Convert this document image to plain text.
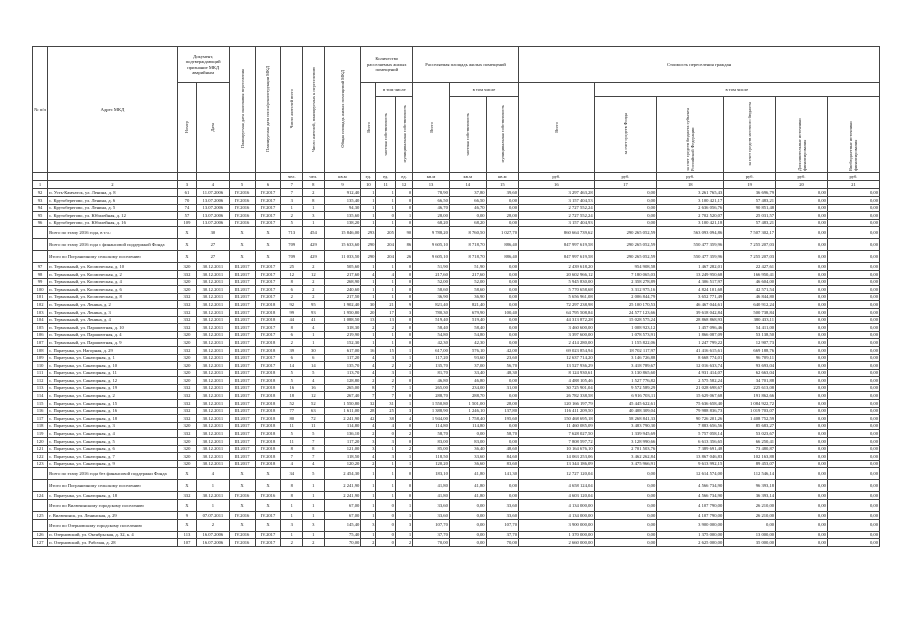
№ п/п	Адрес МКД	Документ, подтверждающий признание МКД аварийным		Планируемая дата окончания переселения	Планируемая дата сноса/реконструкции МКД	Число жителей всего	Число жителей, планируемых к переселению	Общая площадь жилых помещений МКД	Количество расселяемых жилых помещений			Расселяемая площадь жилых помещений			Стоимость переселения граждан					
		Номер	Дата						Всего	в том числе		Всего	в том числе		Всего	в том числе				
										частная собственность	муниципальная собственность		частная собственность	муниципальная собственность		за счет средств Фонда	за счет средств бюджета субъекта Российской Федерации	за счет средств местного бюджета	Дополнительные источники финансирования	Внебюджетные источники финансирования
						чел.	чел.	кв.м	ед.	ед.	ед.	кв.м	кв.м	кв.м	руб.	руб.	руб.	руб.	руб.	руб.
1	2	3	4	5	6	7	8	9	10	11	12	13	14	15	16	17	18	19	20	21
92	п. Усть-Камчатск, ул. Ленина, д. 8	61	11.07.2006	IV.2016	IV.2017	7	2	912,40	1	1	0	78,90	37,80	39,60	3 297 463,28	0,00	3 261 765,43	36 696,79	0,00	0,00
93	с. Крутобереговo, ул. Ленина, д. 6	70	13.07.2006	IV.2016	IV.2017	3	8	135,40	1	1	0	66,50	66,50	0,00	3 157 404,53	0,00	3 100 421,17	57 483,21	0,00	0,00
94	с. Крутобереговo, ул. Ленина, д. 5	74	13.07.2006	IV.2016	IV.2017	1	1	94,30	1	1	0	46,70	46,70	0,00	2 727 552,24	0,00	2 636 056,76	90 851,48	0,00	0,00
95	с. Крутобереговo, ул. Юбилейная, д. 12	57	13.07.2006	IV.2016	IV.2017	2	3	135,60	1	0	1	28,00	0,00	28,00	2 727 552,24	0,00	2 702 520,07	25 031,57	0,00	0,00
96	с. Крутобереговo, ул. Юбилейная, д. 16	109	13.07.2006	IV.2016	IV.2017	5	1	138,20	1	1	0	68,20	68,20	0,00	3 157 404,93	0,00	3 100 421,18	57 483,21	0,00	0,00
	Всего по этапу 2016 года, в т.ч.:	X	30	X	X	713	454	15 846,00	293	205	90	9 788,20	8 760,50	1 027,70	860 664 739,62	290 265 052,59	563 093 094,86	7 507 302,17	0,00	0,00
	Всего по этапу 2016 года с финансовой поддержкой Фонда	X	27	X	X	709	429	15 633,60	290	204	86	9 605,10	8 718,70	886,40	847 997 619,58	290 265 052,59	550 477 359,96	7 255 207,03	0,00	0,00
	Итого по Пограничному сельскому поселению	X	27	X	X	709	429	11 033,50	290	204	26	9 605,10	8 718,70	886,40	847 997 619,58	290 265 052,59	550 477 359,96	7 255 207,03	0,00	0,00
97	п. Термальный, ул. Космическая, д. 10	320	30.12.2011	III.2017	IV.2017	25	2	505,60	1	1	0	51,90	51,90	0,00	2 439 618,20	954 908,58	1 467 282,01	22 427,61	0,00	0,00
98	п. Термальный, ул. Космическая, д. 2	332	30.12.2011	III.2017	IV.2017	12	12	217,60	4	4	0	217,60	217,60	0,00	20 602 966,12	7 180 065,03	13 249 950,68	166 950,41	0,00	0,00
99	п. Термальный, ул. Космическая, д. 4	320	30.12.2011	III.2017	IV.2017	8	2	268,90	1	1	0	52,00	52,00	0,00	5 945 830,00	2 358 278,89	4 306 517,97	46 604,00	0,00	0,00
100	п. Термальный, ул. Космическая, д. 6	320	30.12.2011	III.2017	IV.2017	6	2	240,60	1	1	0	58,60	58,60	0,00	5 770 658,68	3 312 975,16	4 824 101,68	42 571,54	0,00	0,00
101	п. Термальный, ул. Космическая, д. 8	332	30.12.2011	III.2017	IV.2017	2	2	217,50	1	1	0	36,90	36,90	0,00	5 656 961,08	2 006 844,79	3 652 771,49	46 844,80	0,00	0,00
102	п. Термальный, ул. Ленина, д. 2	332	30.12.2011	III.2017	IV.2018	92	95	1 902,40	30	21	9	821,40	821,40	0,00	72 297 238,98	25 100 170,53	46 467 044,61	640 912,24	0,00	0,00
103	п. Термальный, ул. Ленина, д. 3	332	30.12.2011	III.2017	IV.2018	99	93	1 950,80	20	17	3	780,30	679,90	100,40	64 795 508,84	24 577 123,66	39 618 042,84	500 738,84	0,00	0,00
104	п. Термальный, ул. Ленина, д. 4	332	30.12.2011	III.2017	IV.2018	44	41	1 088,50	13	13	0	519,40	519,40	0,00	44 313 872,28	15 028 575,24	28 868 868,93	380 433,11	0,00	0,00
105	п. Термальный, ул. Парашютная, д. 10	332	30.12.2011	III.2017	IV.2017	8	4	318,30	2	2	0	58,40	58,40	0,00	3 460 600,00	1 008 923,12	1 457 096,46	54 411,00	0,00	0,00
106	п. Термальный, ул. Парашютная, д. 4	320	30.12.2011	III.2017	IV.2017	6	1	219,90	1	1	0	54,80	54,80	0,00	3 397 600,00	1 078 573,91	1 866 087,09	53 138,50	0,00	0,00
107	п. Термальный, ул. Парашютная, д. 9	320	30.12.2011	III.2017	IV.2018	2	1	152,30	1	1	0	42,30	42,30	0,00	2 414 280,00	1 155 822,06	1 247 799,22	12 907,73	0,00	0,00
108	с. Паратунка, ул. Нагорная, д. 29	332	30.12.2011	III.2017	IV.2018	39	30	617,00	16	15	1	617,00	576,10	42,00	69 023 854,94	18 702 117,97	41 416 615,61	669 188,76	0,00	0,00
109	с. Паратунка, ул. Санаторная, д. 1	320	30.12.2011	III.2017	IV.2017	6	6	117,20	4	3	1	117,20	93,60	23,60	12 637 714,20	3 146 726,88	8 668 774,01	96 709,11	0,00	0,00
110	с. Паратунка, ул. Санаторная, д. 10	320	30.12.2011	III.2017	IV.2017	14	14	135,70	4	2	2	135,70	37,00	56,70	13 527 936,29	3 418 789,67	12 016 633,74	93 693,04	0,00	0,00
111	с. Паратунка, ул. Санаторная, д. 11	320	30.12.2011	III.2017	IV.2018	5	5	113,70	4	3	1	81,70	33,40	48,30	8 124 930,61	3 130 865,60	4 931 414,07	62 663,04	0,00	0,00
112	с. Паратунка, ул. Санаторная, д. 12	320	30.12.2011	III.2017	IV.2018	5	4	128,80	2	2	0	46,80	46,80	0,00	4 488 105,46	1 527 776,82	2 575 582,24	34 701,88	0,00	0,00
113	с. Паратунка, ул. Санаторная, д. 19	332	30.12.2011	III.2017	IV.2018	16	16	265,00	8	7	1	265,00	234,00	31,00	30 725 901,04	9 572 589,29	21 028 698,67	225 613,08	0,00	0,00
114	с. Паратунка, ул. Санаторная, д. 2	332	30.12.2011	III.2017	IV.2018	18	12	267,40	7	7	0	288,70	288,70	0,00	26 782 338,58	6 916 703,11	15 629 067,68	191 862,66	0,00	0,00
115	с. Паратунка, ул. Санаторная, д. 15	332	30.12.2011	III.2017	IV.2018	52	52	1 550,80	32	31	1	1 550,80	1 501,00	28,00	120 166 197,79	45 445 622,61	75 636 658,40	1 084 922,72	0,00	0,00
116	с. Паратунка, ул. Санаторная, д. 16	332	30.12.2011	III.2017	IV.2018	77	63	1 611,00	28	25	3	1 388,90	1 246,10	137,80	116 411 209,50	40 408 309,04	79 988 836,73	1 019 703,07	0,00	0,00
117	с. Паратунка, ул. Санаторная, д. 18	332	30.12.2011	III.2017	IV.2018	80	72	2 241,90	42	38	4	1 944,00	1 758,40	195,60	150 468 695,18	58 268 841,33	90 726 201,26	1 408 752,59	0,00	0,00
118	с. Паратунка, ул. Санаторная, д. 3	320	30.12.2011	III.2017	IV.2018	11	11	114,80	4	4	0	114,80	114,80	0,00	11 460 085,09	3 483 790,30	7 883 656,56	85 683,27	0,00	0,00
119	с. Паратунка, ул. Санаторная, д. 4	332	30.12.2011	III.2017	IV.2018	5	5	136,10	2	0	2	58,70	0,00	58,70	7 628 027,50	1 339 945,69	5 757 058,14	53 023,67	0,00	0,00
120	с. Паратунка, ул. Санаторная, д. 5	320	30.12.2011	III.2017	IV.2018	11	7	117,20	3	3	0	83,00	83,00	0,00	7 808 597,72	3 128 990,66	6 613 356,65	66 250,41	0,00	0,00
121	с. Паратунка, ул. Санаторная, д. 6	320	30.12.2011	III.2017	IV.2018	8	8	121,00	3	1	2	85,00	36,40	48,60	10 164 676,10	2 701 503,76	7 389 691,48	73 480,87	0,00	0,00
122	с. Паратунка, ул. Санаторная, д. 7	320	30.12.2011	III.2017	IV.2018	7	7	118,50	4	3	1	118,50	33,60	84,60	14 063 253,06	3 462 262,84	13 867 046,83	102 163,88	0,00	0,00
123	с. Паратунка, ул. Санаторная, д. 9	320	30.12.2011	III.2017	IV.2018	4	4	120,20	2	1	1	120,20	36,60	83,60	13 344 186,09	3 475 966,91	9 613 992,15	89 453,07	0,00	0,00
	Всего по этапу 2016 года без финансовой поддержки Фонда	X	4	X	X	34	5	2 454,30	1	1	0	183,10	41,80	141,30	12 727 120,04	0,00	12 614 574,00	112 546,14	0,00	0,00
	Итого по Пограничному сельскому поселению	X	1	X	X	8	1	2 241,90	1	1	0	41,80	41,80	0,00	4 658 124,04	0,00	4 566 734,90	96 393,18	0,00	0,00
124	с. Паратунка, ул. Санаторная, д. 18	332	30.12.2011	IV.2016	IV.2016	8	1	2 241,90	1	1	0	41,80	41,80	0,00	4 603 120,04	0,00	4 566 734,90	36 393,14	0,00	0,00
	Итого по Вилючинскому городскому поселению	X	1	X	X	1	1	67,00	1	0	1	33,60	0,00	33,60	4 134 000,00	0,00	4 107 790,00	26 210,00	0,00	0,00
125	г. Вилючинск, ул. Ленинская, д. 29	9	07.07.2011	IV.2016	IV.2017	1	1	67,00	1	0	1	33,60	0,00	33,60	4 134 000,00	0,00	4 107 790,00	26 210,00	0,00	0,00
	Итого по Озерновскому городскому поселению	X	2	X	X	3	3	145,40	3	0	3	107,70	0,00	107,70	3 900 000,00	0,00	3 900 000,00	0,00	0,00	0,00
126	п. Озерновский, ул. Октябрьская, д. 32, к. 4	113	16.07.2006	IV.2016	IV.2017	1	1	75,40	1	0	1	37,70	0,00	37,70	1 370 000,00	0,00	1 375 000,00	13 000,00	0,00	0,00
127	п. Озерновский, ул. Рабочая, д. 28	107	16.07.2006	IV.2016	IV.2017	2	2	70,00	2	0	2	70,00	0,00	70,00	2 660 000,00	0,00	2 625 000,00	35 000,00	0,00	0,00
